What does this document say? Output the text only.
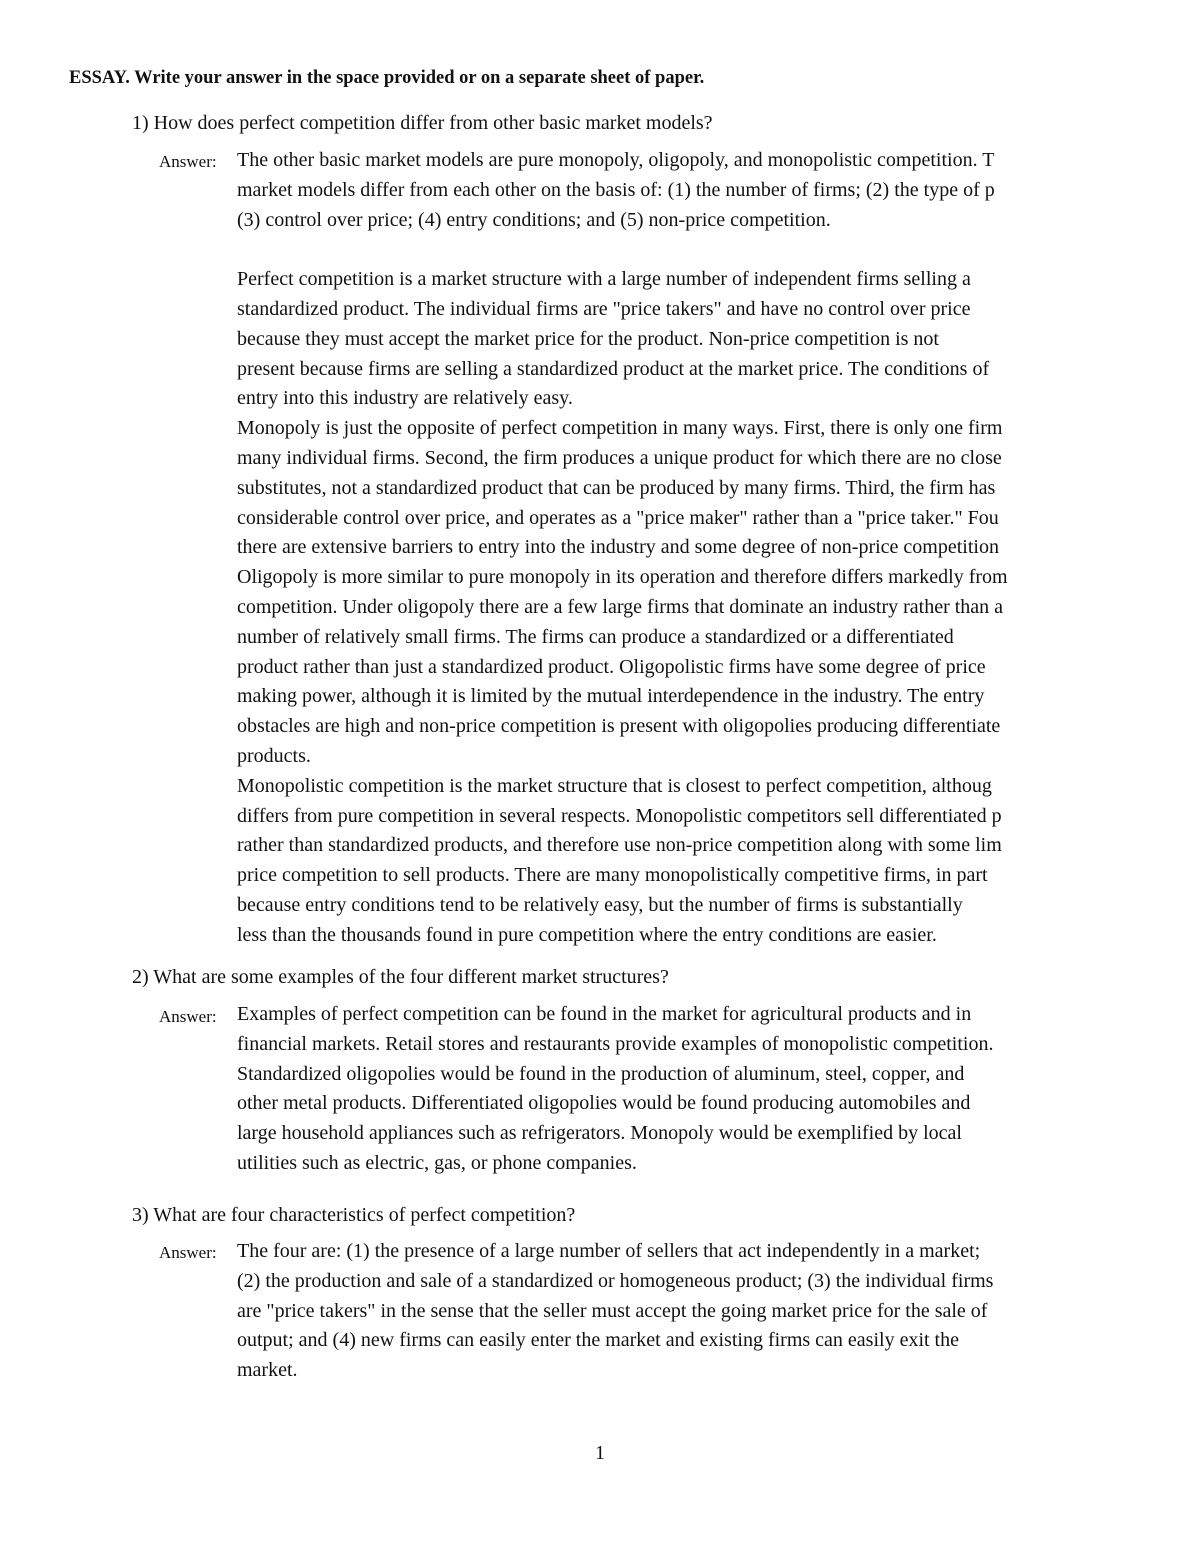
ESSAY. Write your answer in the space provided or on a separate sheet of paper.
1) How does perfect competition differ from other basic market models?
Answer: The other basic market models are pure monopoly, oligopoly, and monopolistic competition. T
market models differ from each other on the basis of: (1) the number of firms; (2) the type of p
(3) control over price; (4) entry conditions; and (5) non-price competition.
Perfect competition is a market structure with a large number of independent firms selling a
standardized product. The individual firms are "price takers" and have no control over price
because they must accept the market price for the product. Non-price competition is not
present because firms are selling a standardized product at the market price. The conditions of
entry into this industry are relatively easy.
Monopoly is just the opposite of perfect competition in many ways. First, there is only one firm
many individual firms. Second, the firm produces a unique product for which there are no close
substitutes, not a standardized product that can be produced by many firms. Third, the firm has
considerable control over price, and operates as a "price maker" rather than a "price taker." Fou
there are extensive barriers to entry into the industry and some degree of non-price competition
Oligopoly is more similar to pure monopoly in its operation and therefore differs markedly from
competition. Under oligopoly there are a few large firms that dominate an industry rather than a
number of relatively small firms. The firms can produce a standardized or a differentiated
product rather than just a standardized product. Oligopolistic firms have some degree of price
making power, although it is limited by the mutual interdependence in the industry. The entry
obstacles are high and non-price competition is present with oligopolies producing differentiate
products.
Monopolistic competition is the market structure that is closest to perfect competition, althoug
differs from pure competition in several respects. Monopolistic competitors sell differentiated p
rather than standardized products, and therefore use non-price competition along with some lim
price competition to sell products. There are many monopolistically competitive firms, in part
because entry conditions tend to be relatively easy, but the number of firms is substantially
less than the thousands found in pure competition where the entry conditions are easier.
2) What are some examples of the four different market structures?
Answer: Examples of perfect competition can be found in the market for agricultural products and in
financial markets. Retail stores and restaurants provide examples of monopolistic competition.
Standardized oligopolies would be found in the production of aluminum, steel, copper, and
other metal products. Differentiated oligopolies would be found producing automobiles and
large household appliances such as refrigerators. Monopoly would be exemplified by local
utilities such as electric, gas, or phone companies.
3) What are four characteristics of perfect competition?
Answer: The four are: (1) the presence of a large number of sellers that act independently in a market;
(2) the production and sale of a standardized or homogeneous product; (3) the individual firms
are "price takers" in the sense that the seller must accept the going market price for the sale of
output; and (4) new firms can easily enter the market and existing firms can easily exit the
market.
1
